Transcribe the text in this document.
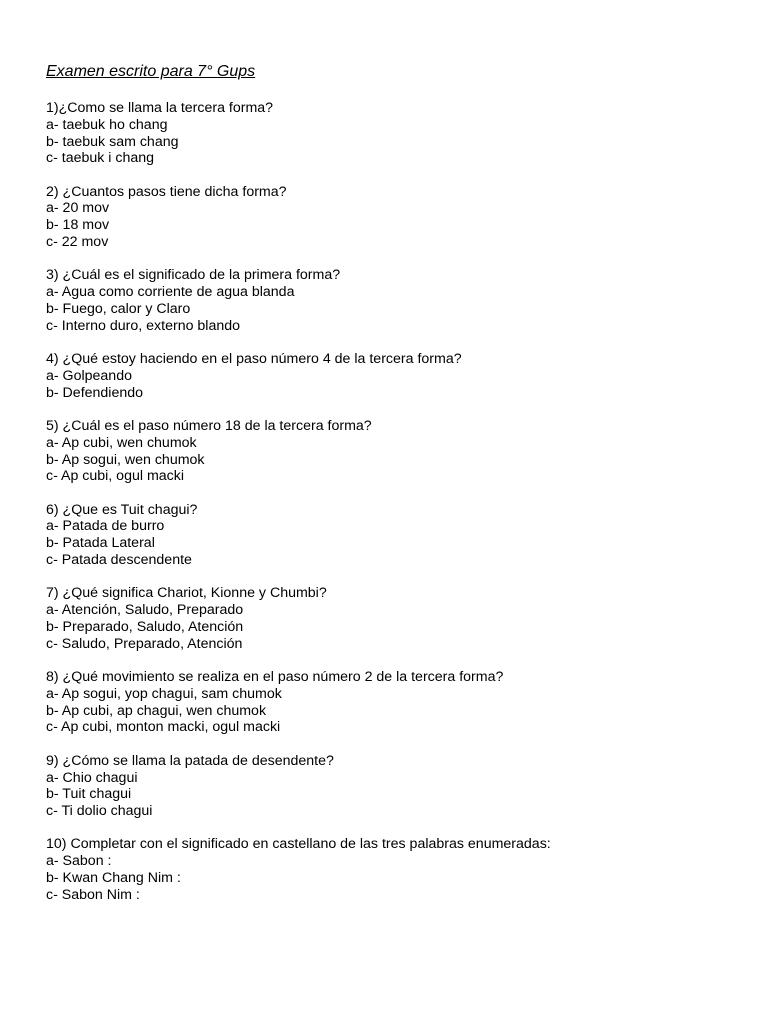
Examen escrito para 7° Gups
1)¿Como se llama la tercera forma?
a- taebuk ho chang
b- taebuk sam chang
c- taebuk i chang
2) ¿Cuantos pasos tiene dicha forma?
a- 20 mov
b- 18 mov
c- 22 mov
3) ¿Cuál es el significado de la primera forma?
a- Agua como corriente de agua blanda
b- Fuego, calor y Claro
c- Interno duro, externo blando
4) ¿Qué estoy haciendo en el paso número 4 de la tercera forma?
a- Golpeando
b- Defendiendo
5) ¿Cuál es el paso número 18 de la tercera forma?
a- Ap cubi, wen chumok
b- Ap sogui, wen chumok
c- Ap cubi, ogul macki
6) ¿Que es Tuit chagui?
a- Patada de burro
b- Patada Lateral
c- Patada descendente
7) ¿Qué significa Chariot, Kionne y Chumbi?
a- Atención, Saludo, Preparado
b- Preparado, Saludo, Atención
c- Saludo, Preparado, Atención
8) ¿Qué movimiento se realiza en el paso número 2 de la tercera forma?
a- Ap sogui, yop chagui, sam chumok
b- Ap cubi, ap chagui, wen chumok
c- Ap cubi, monton macki, ogul macki
9) ¿Cómo se llama la patada de desendente?
a- Chio chagui
b- Tuit chagui
c- Ti dolio chagui
10) Completar con el significado en castellano de las tres palabras enumeradas:
a- Sabon :
b- Kwan Chang Nim :
c- Sabon Nim :
